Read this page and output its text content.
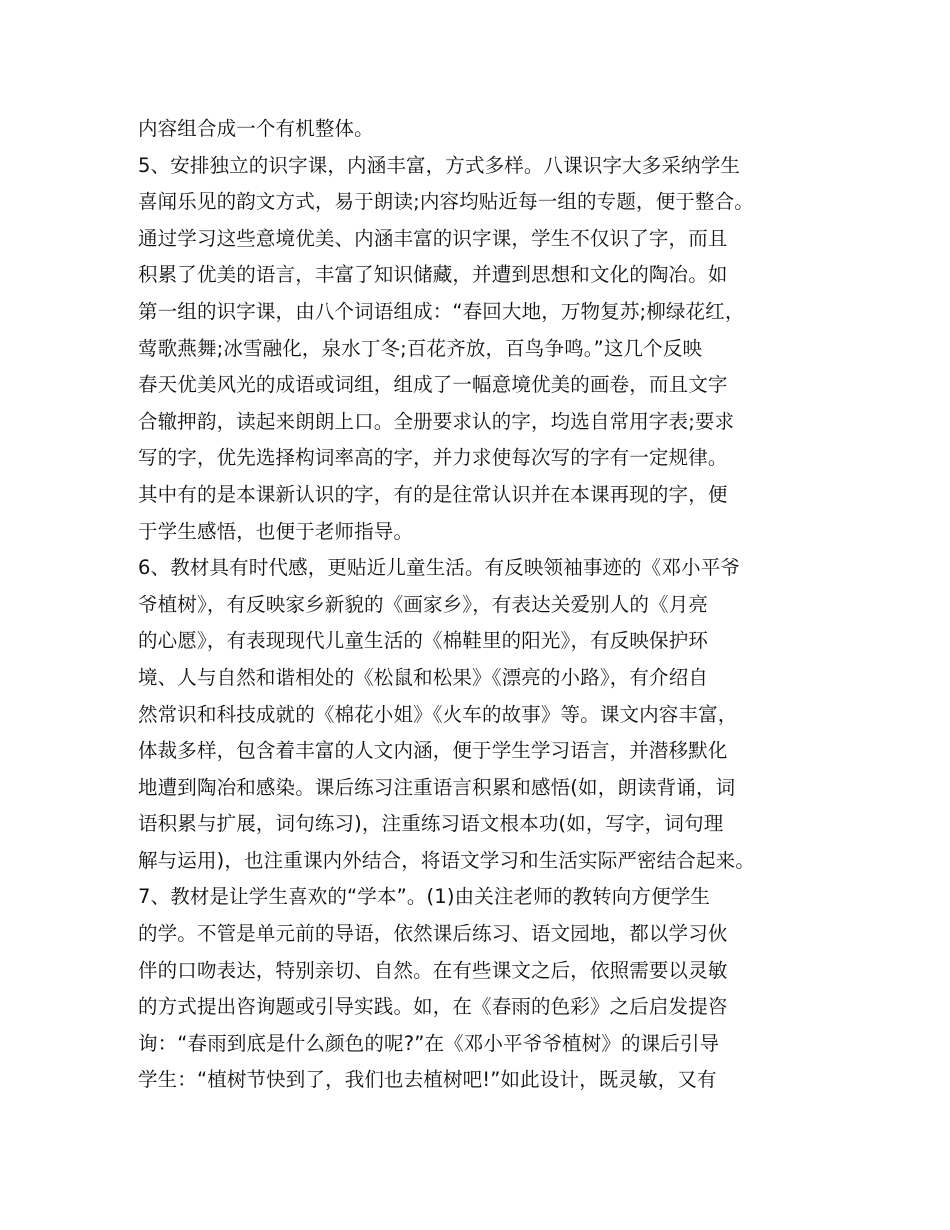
内容组合成一个有机整体。
5、安排独立的识字课，内涵丰富，方式多样。八课识字大多采纳学生
喜闻乐见的韵文方式，易于朗读;内容均贴近每一组的专题，便于整合。
通过学习这些意境优美、内涵丰富的识字课，学生不仅识了字，而且
积累了优美的语言，丰富了知识储藏，并遭到思想和文化的陶冶。如
第一组的识字课，由八个词语组成：“春回大地，万物复苏;柳绿花红，
莺歌燕舞;冰雪融化，泉水丁冬;百花齐放，百鸟争鸣。”这几个反映
春天优美风光的成语或词组，组成了一幅意境优美的画卷，而且文字
合辙押韵，读起来朗朗上口。全册要求认的字，均选自常用字表;要求
写的字，优先选择构词率高的字，并力求使每次写的字有一定规律。
其中有的是本课新认识的字，有的是往常认识并在本课再现的字，便
于学生感悟，也便于老师指导。
6、教材具有时代感，更贴近儿童生活。有反映领袖事迹的《邓小平爷
爷植树》，有反映家乡新貌的《画家乡》，有表达关爱别人的《月亮
的心愿》，有表现现代儿童生活的《棉鞋里的阳光》，有反映保护环
境、人与自然和谐相处的《松鼠和松果》《漂亮的小路》，有介绍自
然常识和科技成就的《棉花小姐》《火车的故事》等。课文内容丰富，
体裁多样，包含着丰富的人文内涵，便于学生学习语言，并潜移默化
地遭到陶冶和感染。课后练习注重语言积累和感悟(如，朗读背诵，词
语积累与扩展，词句练习)，注重练习语文根本功(如，写字，词句理
解与运用)，也注重课内外结合，将语文学习和生活实际严密结合起来。
7、教材是让学生喜欢的“学本”。(1)由关注老师的教转向方便学生
的学。不管是单元前的导语，依然课后练习、语文园地，都以学习伙
伴的口吻表达，特别亲切、自然。在有些课文之后，依照需要以灵敏
的方式提出咨询题或引导实践。如，在《春雨的色彩》之后启发提咨
询：“春雨到底是什么颜色的呢?”在《邓小平爷爷植树》的课后引导
学生：“植树节快到了，我们也去植树吧!”如此设计，既灵敏，又有
